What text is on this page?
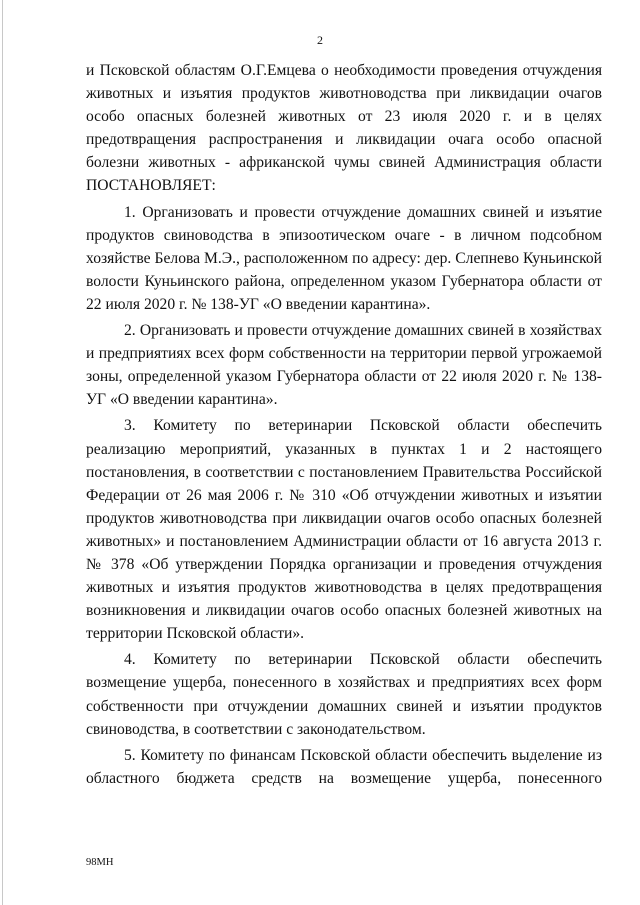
2

и Псковской областям О.Г.Емцева о необходимости проведения отчуждения животных и изъятия продуктов животноводства при ликвидации очагов особо опасных болезней животных от 23 июля 2020 г. и в целях предотвращения распространения и ликвидации очага особо опасной болезни животных - африканской чумы свиней Администрация области ПОСТАНОВЛЯЕТ:

1. Организовать и провести отчуждение домашних свиней и изъятие продуктов свиноводства в эпизоотическом очаге - в личном подсобном хозяйстве Белова М.Э., расположенном по адресу: дер. Слепнево Куньинской волости Куньинского района, определенном указом Губернатора области от 22 июля 2020 г. № 138-УГ «О введении карантина».

2. Организовать и провести отчуждение домашних свиней в хозяйствах и предприятиях всех форм собственности на территории первой угрожаемой зоны, определенной указом Губернатора области от 22 июля 2020 г. № 138-УГ «О введении карантина».

3. Комитету по ветеринарии Псковской области обеспечить реализацию мероприятий, указанных в пунктах 1 и 2 настоящего постановления, в соответствии с постановлением Правительства Российской Федерации от 26 мая 2006 г. № 310 «Об отчуждении животных и изъятии продуктов животноводства при ликвидации очагов особо опасных болезней животных» и постановлением Администрации области от 16 августа 2013 г. № 378 «Об утверждении Порядка организации и проведения отчуждения животных и изъятия продуктов животноводства в целях предотвращения возникновения и ликвидации очагов особо опасных болезней животных на территории Псковской области».

4. Комитету по ветеринарии Псковской области обеспечить возмещение ущерба, понесенного в хозяйствах и предприятиях всех форм собственности при отчуждении домашних свиней и изъятии продуктов свиноводства, в соответствии с законодательством.

5. Комитету по финансам Псковской области обеспечить выделение из областного бюджета средств на возмещение ущерба, понесенного

98МН
